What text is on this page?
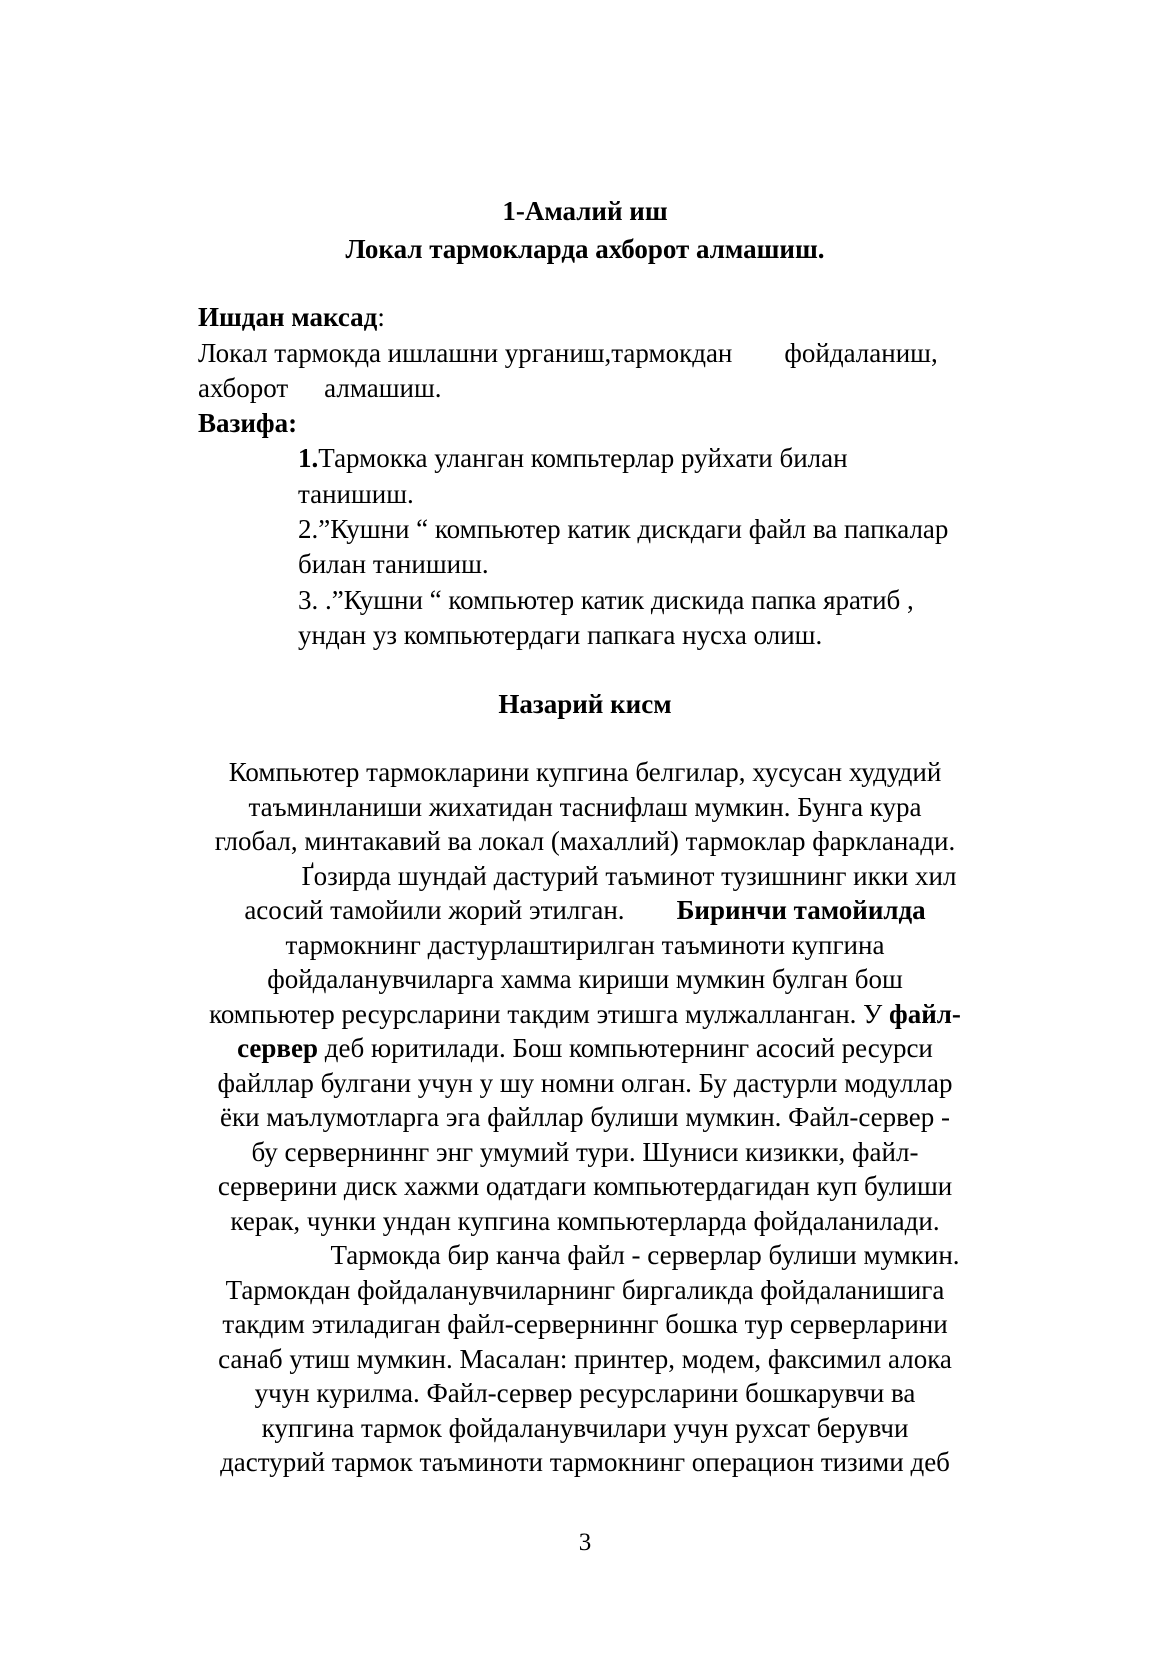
1-Амалий иш

Локал тармокларда ахборот алмашиш.

Ишдан максад:

Локал тармокда ишлашни урганиш,тармокдан фойдаланиш,

ахборот алмашиш.

Вазифа:

1.Тармокка уланган компьтерлар руйхати билан

танишиш.

2.”Кушни “ компьютер катик дискдаги файл ва папкалар

билан танишиш.

3. .”Кушни “ компьютер катик дискида папка яратиб ,

ундан уз компьютердаги папкага нусха олиш.

Назарий кисм

Компьютер тармокларини купгина белгилар, хусусан худудий

таъминланиши жихатидан таснифлаш мумкин. Бунга кура

глобал, минтакавий ва локал (махаллий) тармоклар фаркланади.

Ґозирда шундай дастурий таъминот тузишнинг икки хил

асосий тамойили жорий этилган. Биринчи тамойилда

тармокнинг дастурлаштирилган таъминоти купгина

фойдаланувчиларга хамма кириши мумкин булган бош

компьютер ресурсларини такдим этишга мулжалланган. У файл-

сервер деб юритилади. Бош компьютернинг асосий ресурси

файллар булгани учун у шу номни олган. Бу дастурли модуллар

ёки маълумотларга эга файллар булиши мумкин. Файл-сервер -

бу серверниннг энг умумий тури. Шуниси кизикки, файл-

серверини диск хажми одатдаги компьютердагидан куп булиши

керак, чунки ундан купгина компьютерларда фойдаланилади.

Тармокда бир канча файл - серверлар булиши мумкин.

Тармокдан фойдаланувчиларнинг биргаликда фойдаланишига

такдим этиладиган файл-серверниннг бошка тур серверларини

санаб утиш мумкин. Масалан: принтер, модем, факсимил алока

учун курилма. Файл-сервер ресурсларини бошкарувчи ва

купгина тармок фойдаланувчилари учун рухсат берувчи

дастурий тармок таъминоти тармокнинг операцион тизими деб

3
